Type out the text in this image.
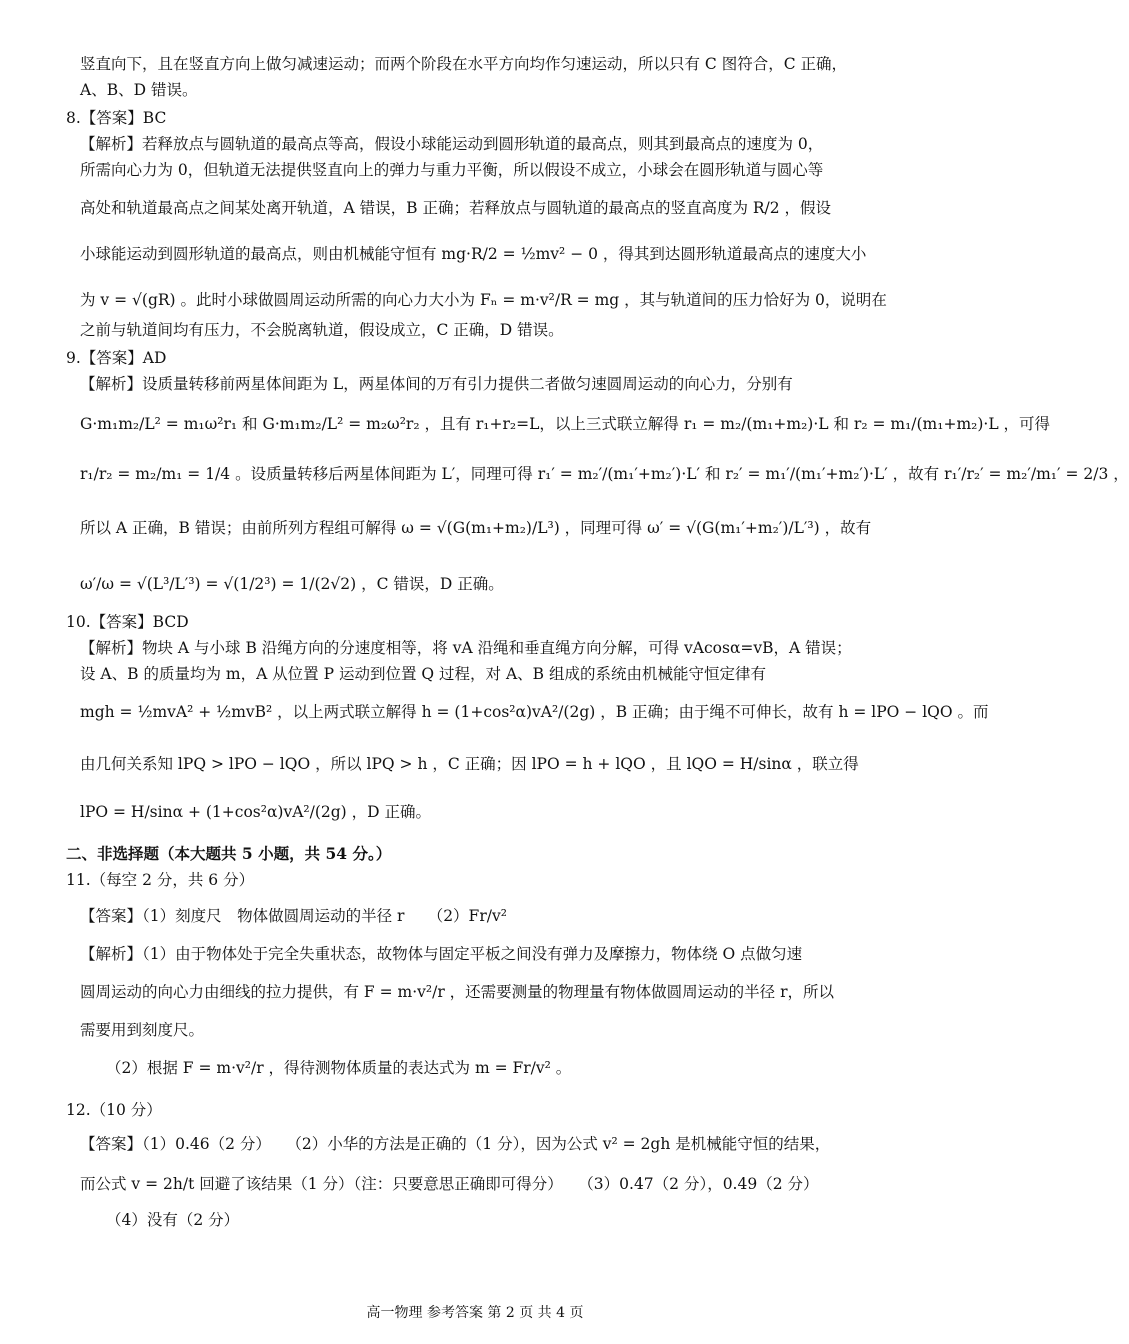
竖直向下，且在竖直方向上做匀减速运动；而两个阶段在水平方向均作匀速运动，所以只有 C 图符合，C 正确，
A、B、D 错误。
8.【答案】BC
【解析】若释放点与圆轨道的最高点等高，假设小球能运动到圆形轨道的最高点，则其到最高点的速度为 0，
所需向心力为 0，但轨道无法提供竖直向上的弹力与重力平衡，所以假设不成立，小球会在圆形轨道与圆心等
高处和轨道最高点之间某处离开轨道，A 错误，B 正确；若释放点与圆轨道的最高点的竖直高度为 R/2 ，假设
小球能运动到圆形轨道的最高点，则由机械能守恒有 mg·R/2 = ½mv² − 0 ，得其到达圆形轨道最高点的速度大小
为 v = √(gR) 。此时小球做圆周运动所需的向心力大小为 Fₙ = m·v²/R = mg ，其与轨道间的压力恰好为 0，说明在
之前与轨道间均有压力，不会脱离轨道，假设成立，C 正确，D 错误。
9.【答案】AD
【解析】设质量转移前两星体间距为 L，两星体间的万有引力提供二者做匀速圆周运动的向心力，分别有
G·m₁m₂/L² = m₁ω²r₁ 和 G·m₁m₂/L² = m₂ω²r₂ ，且有 r₁+r₂=L，以上三式联立解得 r₁ = m₂/(m₁+m₂)·L 和 r₂ = m₁/(m₁+m₂)·L ，可得
r₁/r₂ = m₂/m₁ = 1/4 。设质量转移后两星体间距为 L′，同理可得 r₁′ = m₂′/(m₁′+m₂′)·L′ 和 r₂′ = m₁′/(m₁′+m₂′)·L′ ，故有 r₁′/r₂′ = m₂′/m₁′ = 2/3 ，
所以 A 正确，B 错误；由前所列方程组可解得 ω = √(G(m₁+m₂)/L³) ，同理可得 ω′ = √(G(m₁′+m₂′)/L′³) ，故有
ω′/ω = √(L³/L′³) = √(1/2³) = 1/(2√2) ，C 错误，D 正确。
10.【答案】BCD
【解析】物块 A 与小球 B 沿绳方向的分速度相等，将 vA 沿绳和垂直绳方向分解，可得 vAcosα=vB，A 错误；
设 A、B 的质量均为 m，A 从位置 P 运动到位置 Q 过程，对 A、B 组成的系统由机械能守恒定律有
mgh = ½mvA² + ½mvB² ，以上两式联立解得 h = (1+cos²α)vA²/(2g) ，B 正确；由于绳不可伸长，故有 h = lPO − lQO 。而
由几何关系知 lPQ > lPO − lQO ，所以 lPQ > h ，C 正确；因 lPO = h + lQO ，且 lQO = H/sinα ，联立得
lPO = H/sinα + (1+cos²α)vA²/(2g) ，D 正确。
二、非选择题（本大题共 5 小题，共 54 分。）
11.（每空 2 分，共 6 分）
【答案】（1）刻度尺　物体做圆周运动的半径 r　　（2）Fr/v²
【解析】（1）由于物体处于完全失重状态，故物体与固定平板之间没有弹力及摩擦力，物体绕 O 点做匀速
圆周运动的向心力由细线的拉力提供，有 F = m·v²/r ，还需要测量的物理量有物体做圆周运动的半径 r，所以
需要用到刻度尺。
（2）根据 F = m·v²/r ，得待测物体质量的表达式为 m = Fr/v² 。
12.（10 分）
【答案】（1）0.46（2 分）　　（2）小华的方法是正确的（1 分），因为公式 v² = 2gh 是机械能守恒的结果，
而公式 v = 2h/t 回避了该结果（1 分）（注：只要意思正确即可得分）　　（3）0.47（2 分），0.49（2 分）
（4）没有（2 分）
高一物理 参考答案 第 2 页 共 4 页
